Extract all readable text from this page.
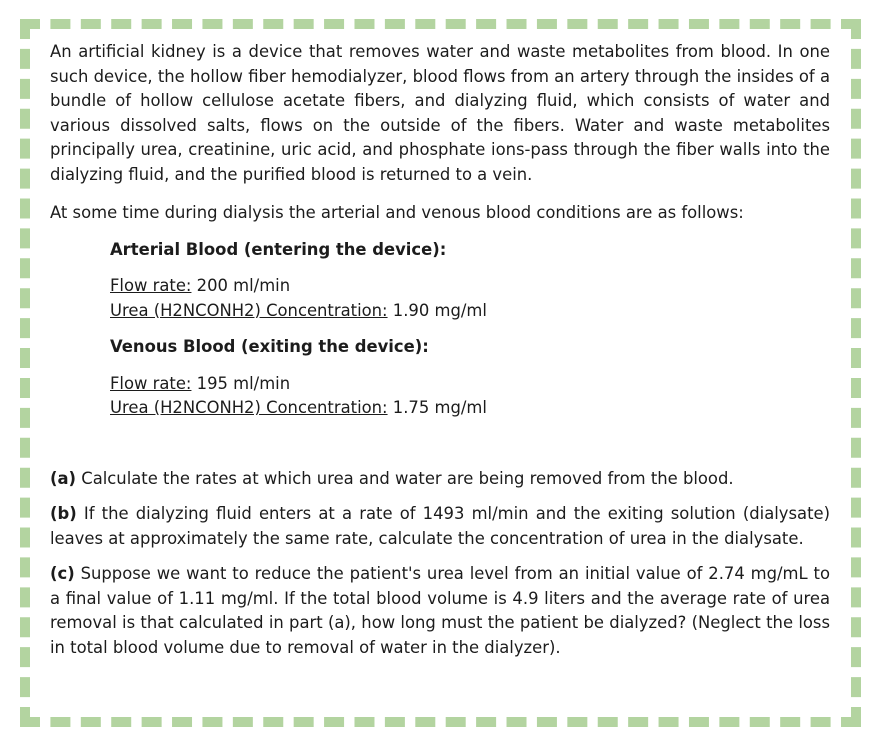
An artificial kidney is a device that removes water and waste metabolites from blood. In one such device, the hollow fiber hemodialyzer, blood flows from an artery through the insides of a bundle of hollow cellulose acetate fibers, and dialyzing fluid, which consists of water and various dissolved salts, flows on the outside of the fibers. Water and waste metabolites principally urea, creatinine, uric acid, and phosphate ions-pass through the fiber walls into the dialyzing fluid, and the purified blood is returned to a vein.

At some time during dialysis the arterial and venous blood conditions are as follows:

Arterial Blood (entering the device):

Flow rate: 200 ml/min

Urea (H2NCONH2) Concentration: 1.90 mg/ml

Venous Blood (exiting the device):

Flow rate: 195 ml/min

Urea (H2NCONH2) Concentration: 1.75 mg/ml

(a) Calculate the rates at which urea and water are being removed from the blood.

(b) If the dialyzing fluid enters at a rate of 1493 ml/min and the exiting solution (dialysate) leaves at approximately the same rate, calculate the concentration of urea in the dialysate.

(c) Suppose we want to reduce the patient's urea level from an initial value of 2.74 mg/mL to a final value of 1.11 mg/ml. If the total blood volume is 4.9 liters and the average rate of urea removal is that calculated in part (a), how long must the patient be dialyzed? (Neglect the loss in total blood volume due to removal of water in the dialyzer).
